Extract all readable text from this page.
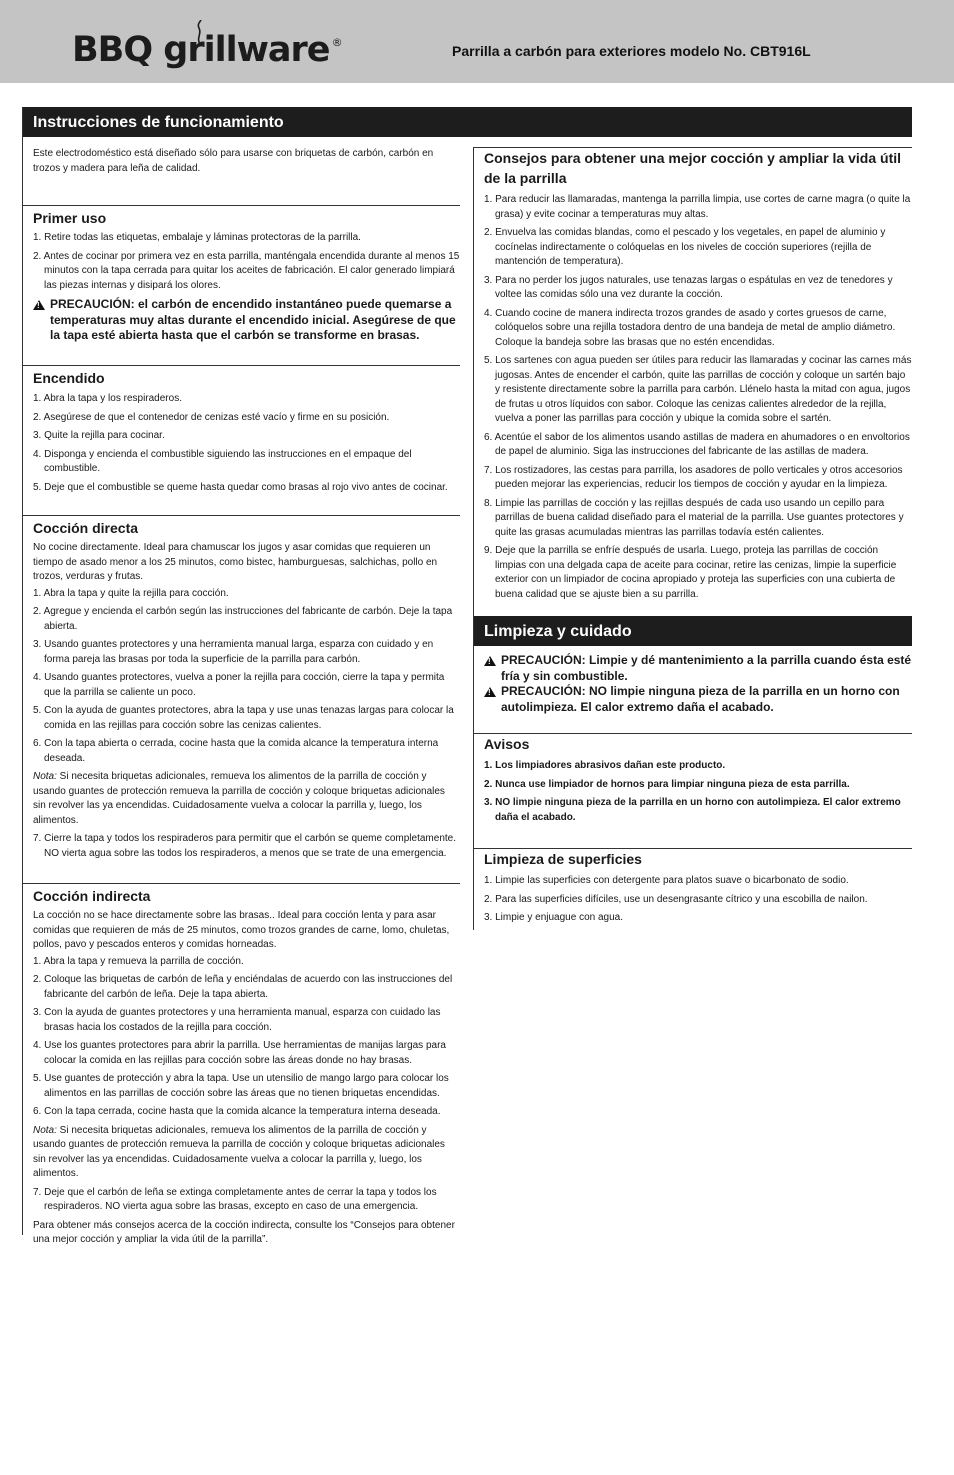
BBQ grillware ®
Parrilla a carbón para exteriores modelo No. CBT916L
Instrucciones de funcionamiento

Este electrodoméstico está diseñado sólo para usarse con briquetas de carbón, carbón en trozos y madera para leña de calidad.

Primer uso
1. Retire todas las etiquetas, embalaje y láminas protectoras de la parrilla.
2. Antes de cocinar por primera vez en esta parrilla, manténgala encendida durante al menos 15 minutos con la tapa cerrada para quitar los aceites de fabricación. El calor generado limpiará las piezas internas y disipará los olores.
!
PRECAUCIÓN: el carbón de encendido instantáneo puede quemarse a temperaturas muy altas durante el encendido inicial. Asegúrese de que la tapa esté abierta hasta que el carbón se transforme en brasas.
Encendido
1. Abra la tapa y los respiraderos.
2. Asegúrese de que el contenedor de cenizas esté vacío y firme en su posición.
3. Quite la rejilla para cocinar.
4. Disponga y encienda el combustible siguiendo las instrucciones en el empaque del combustible.
5. Deje que el combustible se queme hasta quedar como brasas al rojo vivo antes de cocinar.
Cocción directa

No cocine directamente. Ideal para chamuscar los jugos y asar comidas que requieren un tiempo de asado menor a los 25 minutos, como bistec, hamburguesas, salchichas, pollo en trozos, verduras y frutas.

1. Abra la tapa y quite la rejilla para cocción.
2. Agregue y encienda el carbón según las instrucciones del fabricante de carbón. Deje la tapa abierta.
3. Usando guantes protectores y una herramienta manual larga, esparza con cuidado y en forma pareja las brasas por toda la superficie de la parrilla para carbón.
4. Usando guantes protectores, vuelva a poner la rejilla para cocción, cierre la tapa y permita que la parrilla se caliente un poco.
5. Con la ayuda de guantes protectores, abra la tapa y use unas tenazas largas para colocar la comida en las rejillas para cocción sobre las cenizas calientes.
6. Con la tapa abierta o cerrada, cocine hasta que la comida alcance la temperatura interna deseada.

Nota: Si necesita briquetas adicionales, remueva los alimentos de la parrilla de cocción y usando guantes de protección remueva la parrilla de cocción y coloque briquetas adicionales sin revolver las ya encendidas. Cuidadosamente vuelva a colocar la parrilla y, luego, los alimentos.

7. Cierre la tapa y todos los respiraderos para permitir que el carbón se queme completamente. NO vierta agua sobre las todos los respiraderos, a menos que se trate de una emergencia.
Cocción indirecta

La cocción no se hace directamente sobre las brasas.. Ideal para cocción lenta y para asar comidas que requieren de más de 25 minutos, como trozos grandes de carne, lomo, chuletas, pollos, pavo y pescados enteros y comidas horneadas.

1. Abra la tapa y remueva la parrilla de cocción.
2. Coloque las briquetas de carbón de leña y enciéndalas de acuerdo con las instrucciones del fabricante del carbón de leña. Deje la tapa abierta.
3. Con la ayuda de guantes protectores y una herramienta manual, esparza con cuidado las brasas hacia los costados de la rejilla para cocción.
4. Use los guantes protectores para abrir la parrilla. Use herramientas de manijas largas para colocar la comida en las rejillas para cocción sobre las áreas donde no hay brasas.
5. Use guantes de protección y abra la tapa. Use un utensilio de mango largo para colocar los alimentos en las parrillas de cocción sobre las áreas que no tienen briquetas encendidas.
6. Con la tapa cerrada, cocine hasta que la comida alcance la temperatura interna deseada.

Nota: Si necesita briquetas adicionales, remueva los alimentos de la parrilla de cocción y usando guantes de protección remueva la parrilla de cocción y coloque briquetas adicionales sin revolver las ya encendidas. Cuidadosamente vuelva a colocar la parrilla y, luego, los alimentos.

7. Deje que el carbón de leña se extinga completamente antes de cerrar la tapa y todos los respiraderos. NO vierta agua sobre las brasas, excepto en caso de una emergencia.

Para obtener más consejos acerca de la cocción indirecta, consulte los “Consejos para obtener una mejor cocción y ampliar la vida útil de la parrilla”.

Consejos para obtener una mejor cocción y ampliar la vida útil de la parrilla
1. Para reducir las llamaradas, mantenga la parrilla limpia, use cortes de carne magra (o quite la grasa) y evite cocinar a temperaturas muy altas.
2. Envuelva las comidas blandas, como el pescado y los vegetales, en papel de aluminio y cocínelas indirectamente o colóquelas en los niveles de cocción superiores (rejilla de mantención de temperatura).
3. Para no perder los jugos naturales, use tenazas largas o espátulas en vez de tenedores y voltee las comidas sólo una vez durante la cocción.
4. Cuando cocine de manera indirecta trozos grandes de asado y cortes gruesos de carne, colóquelos sobre una rejilla tostadora dentro de una bandeja de metal de amplio diámetro. Coloque la bandeja sobre las brasas que no estén encendidas.
5. Los sartenes con agua pueden ser útiles para reducir las llamaradas y cocinar las carnes más jugosas. Antes de encender el carbón, quite las parrillas de cocción y coloque un sartén bajo y resistente directamente sobre la parrilla para carbón. Llénelo hasta la mitad con agua, jugos de frutas u otros líquidos con sabor. Coloque las cenizas calientes alrededor de la rejilla, vuelva a poner las parrillas para cocción y ubique la comida sobre el sartén.
6. Acentúe el sabor de los alimentos usando astillas de madera en ahumadores o en envoltorios de papel de aluminio. Siga las instrucciones del fabricante de las astillas de madera.
7. Los rostizadores, las cestas para parrilla, los asadores de pollo verticales y otros accesorios pueden mejorar las experiencias, reducir los tiempos de cocción y ayudar en la limpieza.
8. Limpie las parrillas de cocción y las rejillas después de cada uso usando un cepillo para parrillas de buena calidad diseñado para el material de la parrilla. Use guantes protectores y quite las grasas acumuladas mientras las parrillas todavía estén calientes.
9. Deje que la parrilla se enfríe después de usarla. Luego, proteja las parrillas de cocción limpias con una delgada capa de aceite para cocinar, retire las cenizas, limpie la superficie exterior con un limpiador de cocina apropiado y proteja las superficies con una cubierta de buena calidad que se ajuste bien a su parrilla.
Limpieza y cuidado
!
PRECAUCIÓN: Limpie y dé mantenimiento a la parrilla cuando ésta esté fría y sin combustible.
!
PRECAUCIÓN: NO limpie ninguna pieza de la parrilla en un horno con autolimpieza. El calor extremo daña el acabado.
Avisos
1. Los limpiadores abrasivos dañan este producto.
2. Nunca use limpiador de hornos para limpiar ninguna pieza de esta parrilla.
3. NO limpie ninguna pieza de la parrilla en un horno con autolimpieza. El calor extremo daña el acabado.
Limpieza de superficies
1. Limpie las superficies con detergente para platos suave o bicarbonato de sodio.
2. Para las superficies difíciles, use un desengrasante cítrico y una escobilla de nailon.
3. Limpie y enjuague con agua.
